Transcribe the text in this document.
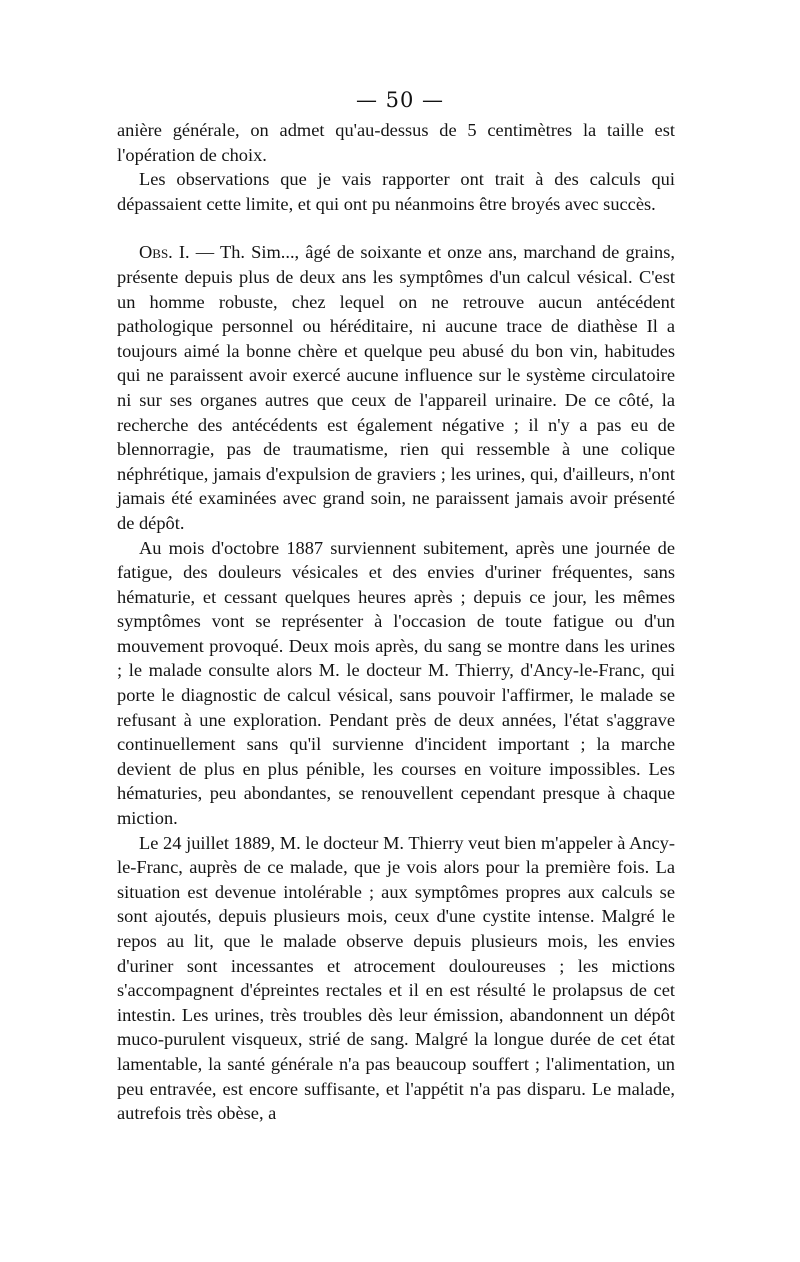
— 50 —

anière générale, on admet qu'au-dessus de 5 centimètres la taille est l'opération de choix.

Les observations que je vais rapporter ont trait à des calculs qui dépassaient cette limite, et qui ont pu néanmoins être broyés avec succès.

Obs. I. — Th. Sim..., âgé de soixante et onze ans, marchand de grains, présente depuis plus de deux ans les symptômes d'un calcul vésical. C'est un homme robuste, chez lequel on ne retrouve aucun antécédent pathologique personnel ou héréditaire, ni aucune trace de diathèse Il a toujours aimé la bonne chère et quelque peu abusé du bon vin, habitudes qui ne paraissent avoir exercé aucune influence sur le système circulatoire ni sur ses organes autres que ceux de l'appareil urinaire. De ce côté, la recherche des antécédents est également négative ; il n'y a pas eu de blennorragie, pas de traumatisme, rien qui ressemble à une colique néphrétique, jamais d'expulsion de graviers ; les urines, qui, d'ailleurs, n'ont jamais été examinées avec grand soin, ne paraissent jamais avoir présenté de dépôt.

Au mois d'octobre 1887 surviennent subitement, après une journée de fatigue, des douleurs vésicales et des envies d'uriner fréquentes, sans hématurie, et cessant quelques heures après ; depuis ce jour, les mêmes symptômes vont se représenter à l'occasion de toute fatigue ou d'un mouvement provoqué. Deux mois après, du sang se montre dans les urines ; le malade consulte alors M. le docteur M. Thierry, d'Ancy-le-Franc, qui porte le diagnostic de calcul vésical, sans pouvoir l'affirmer, le malade se refusant à une exploration. Pendant près de deux années, l'état s'aggrave continuellement sans qu'il survienne d'incident important ; la marche devient de plus en plus pénible, les courses en voiture impossibles. Les hématuries, peu abondantes, se renouvellent cependant presque à chaque miction.

Le 24 juillet 1889, M. le docteur M. Thierry veut bien m'appeler à Ancy-le-Franc, auprès de ce malade, que je vois alors pour la première fois. La situation est devenue intolérable ; aux symptômes propres aux calculs se sont ajoutés, depuis plusieurs mois, ceux d'une cystite intense. Malgré le repos au lit, que le malade observe depuis plusieurs mois, les envies d'uriner sont incessantes et atrocement douloureuses ; les mictions s'accompagnent d'épreintes rectales et il en est résulté le prolapsus de cet intestin. Les urines, très troubles dès leur émission, abandonnent un dépôt muco-purulent visqueux, strié de sang. Malgré la longue durée de cet état lamentable, la santé générale n'a pas beaucoup souffert ; l'alimentation, un peu entravée, est encore suffisante, et l'appétit n'a pas disparu. Le malade, autrefois très obèse, a
